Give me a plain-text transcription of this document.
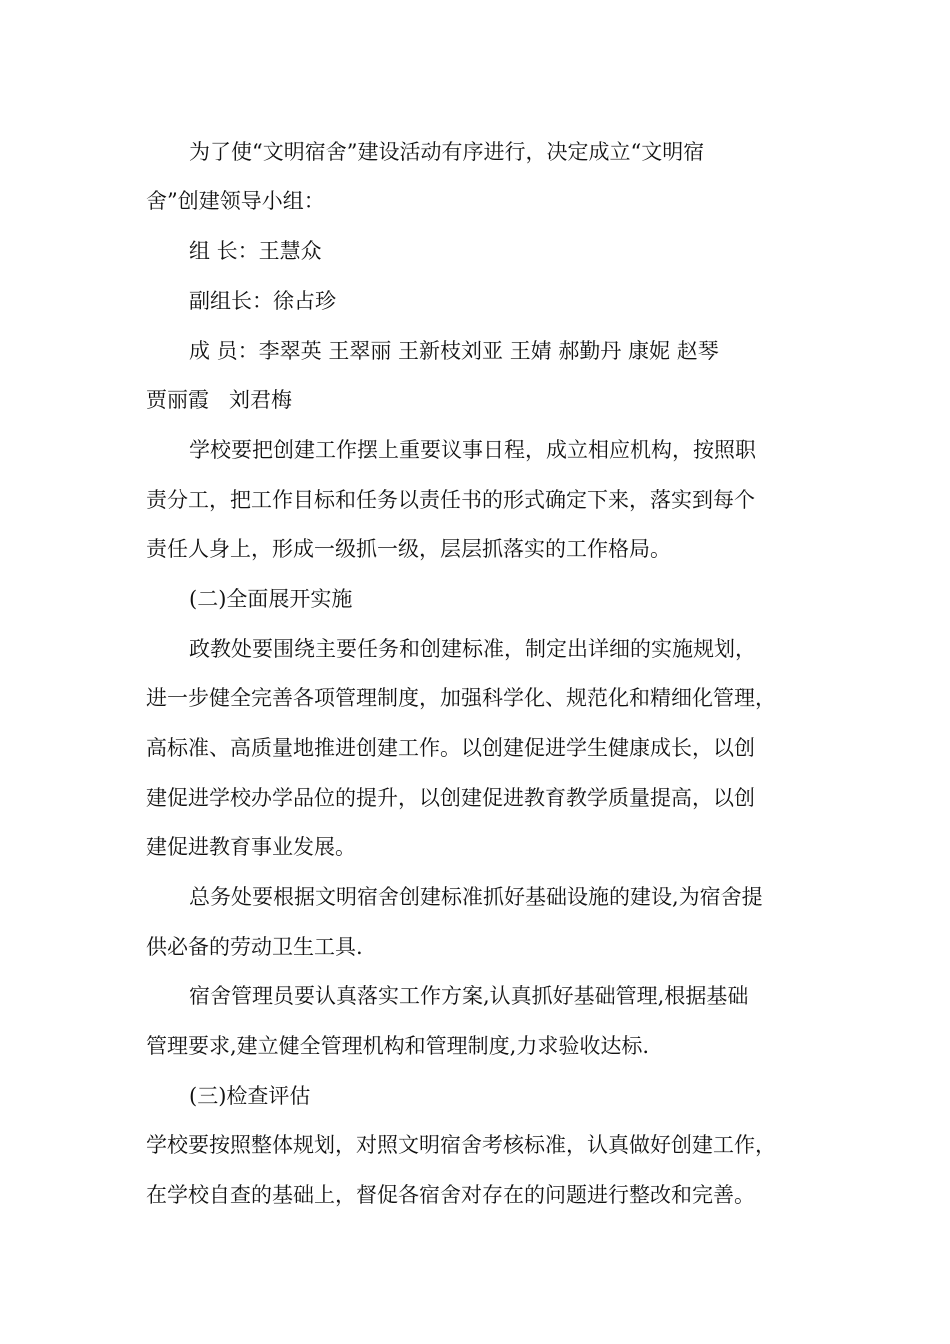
为了使“文明宿舍”建设活动有序进行，决定成立“文明宿
舍”创建领导小组：
组 长：王慧众
副组长：徐占珍
成 员：李翠英 王翠丽 王新枝刘亚 王婧 郝勤丹 康妮 赵琴
贾丽霞   刘君梅
学校要把创建工作摆上重要议事日程，成立相应机构，按照职
责分工，把工作目标和任务以责任书的形式确定下来，落实到每个
责任人身上，形成一级抓一级，层层抓落实的工作格局。
(二)全面展开实施
政教处要围绕主要任务和创建标准，制定出详细的实施规划，
进一步健全完善各项管理制度，加强科学化、规范化和精细化管理，
高标准、高质量地推进创建工作。以创建促进学生健康成长，以创
建促进学校办学品位的提升，以创建促进教育教学质量提高，以创
建促进教育事业发展。
总务处要根据文明宿舍创建标准抓好基础设施的建设,为宿舍提
供必备的劳动卫生工具.
宿舍管理员要认真落实工作方案,认真抓好基础管理,根据基础
管理要求,建立健全管理机构和管理制度,力求验收达标.
(三)检查评估
学校要按照整体规划，对照文明宿舍考核标准，认真做好创建工作，
在学校自查的基础上，督促各宿舍对存在的问题进行整改和完善。
